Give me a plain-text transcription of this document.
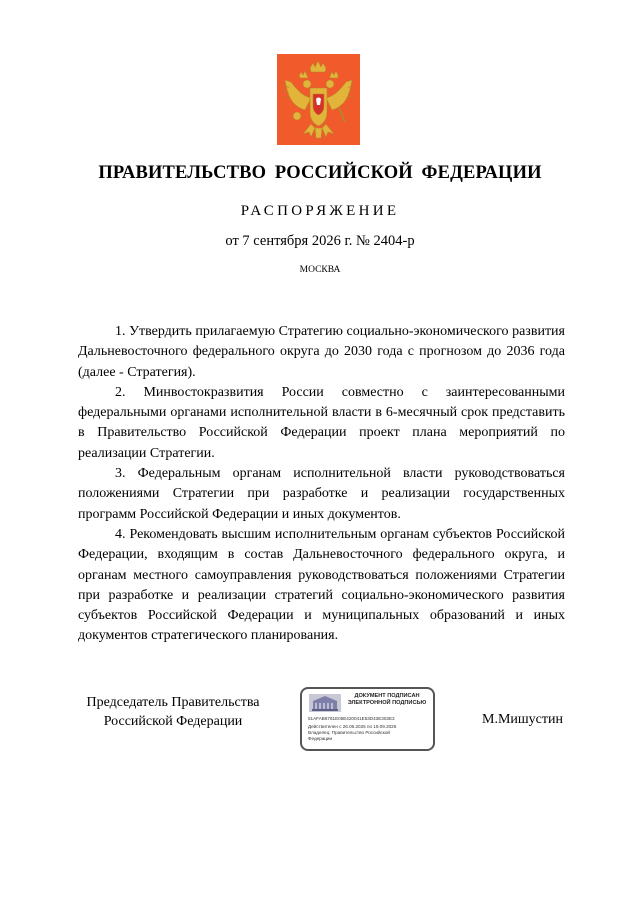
ПРАВИТЕЛЬСТВО РОССИЙСКОЙ ФЕДЕРАЦИИ
РАСПОРЯЖЕНИЕ
от 7 сентября 2026 г. № 2404-р
МОСКВА

1. Утвердить прилагаемую Стратегию социально-экономического развития Дальневосточного федерального округа до 2030 года с прогнозом до 2036 года (далее - Стратегия).

2. Минвостокразвития России совместно с заинтересованными федеральными органами исполнительной власти в 6-месячный срок представить в Правительство Российской Федерации проект плана мероприятий по реализации Стратегии.

3. Федеральным органам исполнительной власти руководствоваться положениями Стратегии при разработке и реализации государственных программ Российской Федерации и иных документов.

4. Рекомендовать высшим исполнительным органам субъектов Российской Федерации, входящим в состав Дальневосточного федерального округа, и органам местного самоуправления руководствоваться положениями Стратегии при разработке и реализации стратегий социально-экономического развития субъектов Российской Федерации и муниципальных образований и иных документов стратегического планирования.

Председатель Правительства
Российской Федерации
ДОКУМЕНТ ПОДПИСАН
ЭЛЕКТРОННОЙ ПОДПИСЬЮ
51AFAB6761E06E420041E53D43E303E3
Действителен с 26.06.2025 по 19.09.2026
Владелец: Правительство Российской
Федерации
М.Мишустин
